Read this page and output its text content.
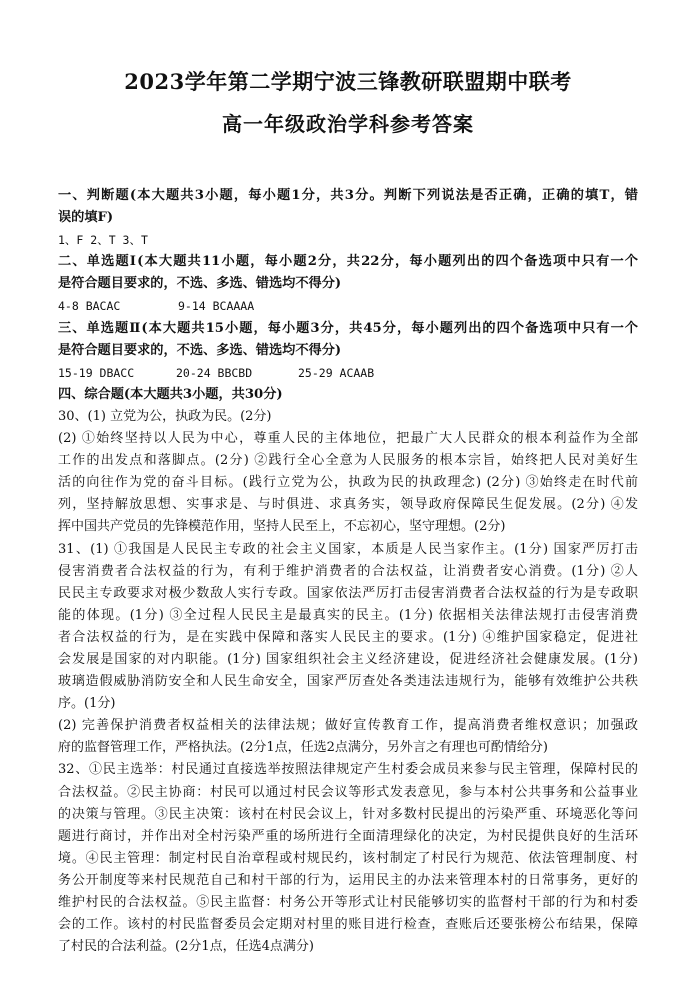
2023学年第二学期宁波三锋教研联盟期中联考
高一年级政治学科参考答案
一、判断题(本大题共3小题，每小题1分，共3分。判断下列说法是否正确，正确的填T，错
误的填F)
1、F 2、T 3、T
二、单选题Ⅰ(本大题共11小题，每小题2分，共22分，每小题列出的四个备选项中只有一个
是符合题目要求的，不选、多选、错选均不得分)
4-8 BACAC	9-14 BCAAAA
三、单选题Ⅱ(本大题共15小题，每小题3分，共45分，每小题列出的四个备选项中只有一个
是符合题目要求的，不选、多选、错选均不得分)
15-19 DBACC	20-24 BBCBD	25-29 ACAAB
四、综合题(本大题共3小题，共30分)
30、(1) 立党为公，执政为民。(2分)
(2) ①始终坚持以人民为中心，尊重人民的主体地位，把最广大人民群众的根本利益作为全部
工作的出发点和落脚点。(2分) ②践行全心全意为人民服务的根本宗旨，始终把人民对美好生
活的向往作为党的奋斗目标。(践行立党为公，执政为民的执政理念) (2分) ③始终走在时代前
列，坚持解放思想、实事求是、与时俱进、求真务实，领导政府保障民生促发展。(2分) ④发
挥中国共产党员的先锋模范作用，坚持人民至上，不忘初心，坚守理想。(2分)
31、(1) ①我国是人民民主专政的社会主义国家，本质是人民当家作主。(1分) 国家严厉打击
侵害消费者合法权益的行为，有利于维护消费者的合法权益，让消费者安心消费。(1分) ②人
民民主专政要求对极少数敌人实行专政。国家依法严厉打击侵害消费者合法权益的行为是专政职
能的体现。(1分) ③全过程人民民主是最真实的民主。(1分) 依据相关法律法规打击侵害消费
者合法权益的行为，是在实践中保障和落实人民民主的要求。(1分) ④维护国家稳定，促进社
会发展是国家的对内职能。(1分) 国家组织社会主义经济建设，促进经济社会健康发展。(1分)
玻璃造假威胁消防安全和人民生命安全，国家严厉查处各类违法违规行为，能够有效维护公共秩
序。(1分)
(2) 完善保护消费者权益相关的法律法规；做好宣传教育工作，提高消费者维权意识；加强政
府的监督管理工作，严格执法。(2分1点，任选2点满分，另外言之有理也可酌情给分)
32、①民主选举：村民通过直接选举按照法律规定产生村委会成员来参与民主管理，保障村民的
合法权益。②民主协商：村民可以通过村民会议等形式发表意见，参与本村公共事务和公益事业
的决策与管理。③民主决策：该村在村民会议上，针对多数村民提出的污染严重、环境恶化等问
题进行商讨，并作出对全村污染严重的场所进行全面清理绿化的决定，为村民提供良好的生活环
境。④民主管理：制定村民自治章程或村规民约，该村制定了村民行为规范、依法管理制度、村
务公开制度等来村民规范自己和村干部的行为，运用民主的办法来管理本村的日常事务，更好的
维护村民的合法权益。⑤民主监督：村务公开等形式让村民能够切实的监督村干部的行为和村委
会的工作。该村的村民监督委员会定期对村里的账目进行检查，查账后还要张榜公布结果，保障
了村民的合法利益。(2分1点，任选4点满分)
